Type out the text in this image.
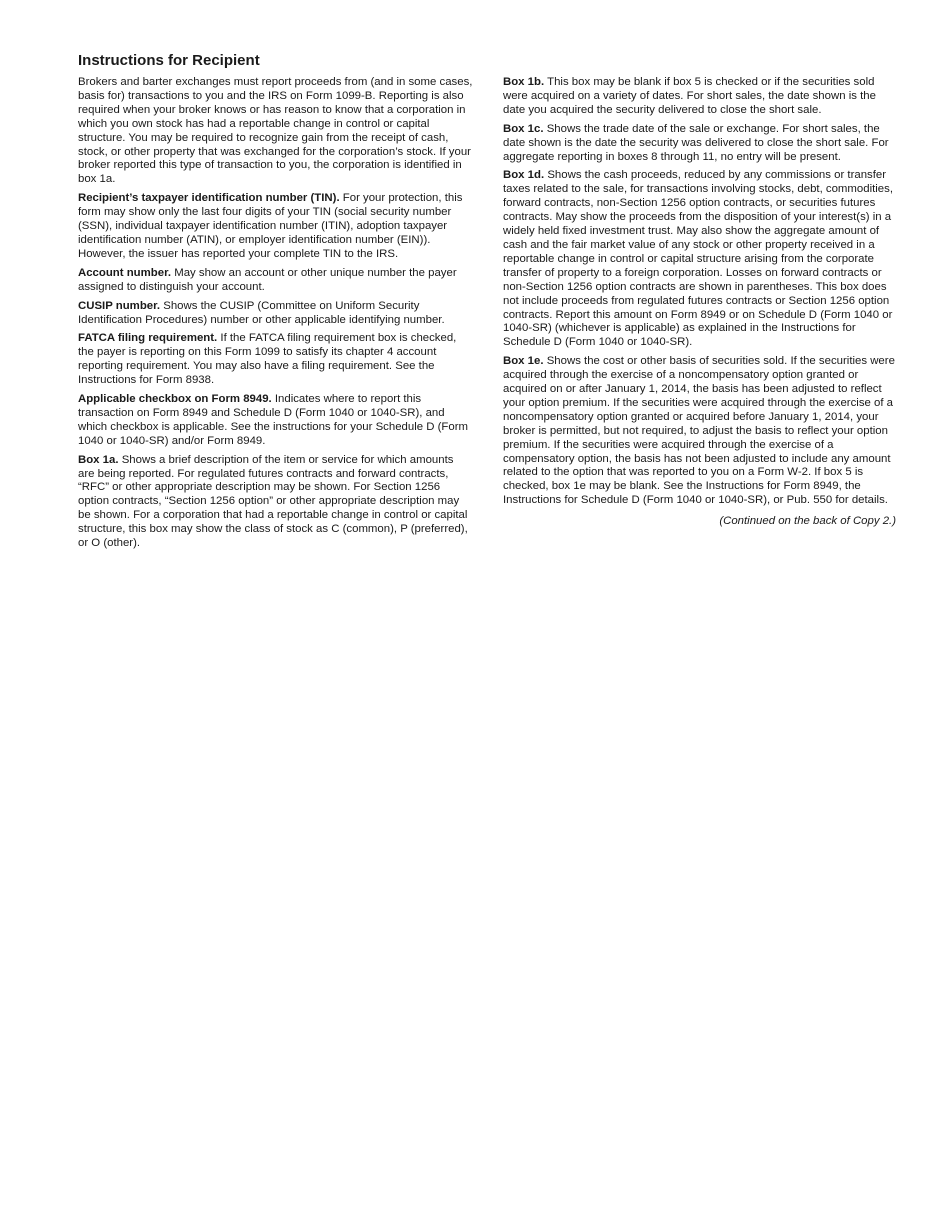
Instructions for Recipient

Brokers and barter exchanges must report proceeds from (and in some cases, basis for) transactions to you and the IRS on Form 1099-B. Reporting is also required when your broker knows or has reason to know that a corporation in which you own stock has had a reportable change in control or capital structure. You may be required to recognize gain from the receipt of cash, stock, or other property that was exchanged for the corporation’s stock. If your broker reported this type of transaction to you, the corporation is identified in box 1a.

Recipient’s taxpayer identification number (TIN). For your protection, this form may show only the last four digits of your TIN (social security number (SSN), individual taxpayer identification number (ITIN), adoption taxpayer identification number (ATIN), or employer identification number (EIN)). However, the issuer has reported your complete TIN to the IRS.

Account number. May show an account or other unique number the payer assigned to distinguish your account.

CUSIP number. Shows the CUSIP (Committee on Uniform Security Identification Procedures) number or other applicable identifying number.

FATCA filing requirement. If the FATCA filing requirement box is checked, the payer is reporting on this Form 1099 to satisfy its chapter 4 account reporting requirement. You may also have a filing requirement. See the Instructions for Form 8938.

Applicable checkbox on Form 8949. Indicates where to report this transaction on Form 8949 and Schedule D (Form 1040 or 1040-SR), and which checkbox is applicable. See the instructions for your Schedule D (Form 1040 or 1040-SR) and/or Form 8949.

Box 1a. Shows a brief description of the item or service for which amounts are being reported. For regulated futures contracts and forward contracts, “RFC” or other appropriate description may be shown. For Section 1256 option contracts, “Section 1256 option” or other appropriate description may be shown. For a corporation that had a reportable change in control or capital structure, this box may show the class of stock as C (common), P (preferred), or O (other).

Box 1b. This box may be blank if box 5 is checked or if the securities sold were acquired on a variety of dates. For short sales, the date shown is the date you acquired the security delivered to close the short sale.

Box 1c. Shows the trade date of the sale or exchange. For short sales, the date shown is the date the security was delivered to close the short sale. For aggregate reporting in boxes 8 through 11, no entry will be present.

Box 1d. Shows the cash proceeds, reduced by any commissions or transfer taxes related to the sale, for transactions involving stocks, debt, commodities, forward contracts, non-Section 1256 option contracts, or securities futures contracts. May show the proceeds from the disposition of your interest(s) in a widely held fixed investment trust. May also show the aggregate amount of cash and the fair market value of any stock or other property received in a reportable change in control or capital structure arising from the corporate transfer of property to a foreign corporation. Losses on forward contracts or non-Section 1256 option contracts are shown in parentheses. This box does not include proceeds from regulated futures contracts or Section 1256 option contracts. Report this amount on Form 8949 or on Schedule D (Form 1040 or 1040-SR) (whichever is applicable) as explained in the Instructions for Schedule D (Form 1040 or 1040-SR).

Box 1e. Shows the cost or other basis of securities sold. If the securities were acquired through the exercise of a noncompensatory option granted or acquired on or after January 1, 2014, the basis has been adjusted to reflect your option premium. If the securities were acquired through the exercise of a noncompensatory option granted or acquired before January 1, 2014, your broker is permitted, but not required, to adjust the basis to reflect your option premium. If the securities were acquired through the exercise of a compensatory option, the basis has not been adjusted to include any amount related to the option that was reported to you on a Form W-2. If box 5 is checked, box 1e may be blank. See the Instructions for Form 8949, the Instructions for Schedule D (Form 1040 or 1040-SR), or Pub. 550 for details.

(Continued on the back of Copy 2.)
